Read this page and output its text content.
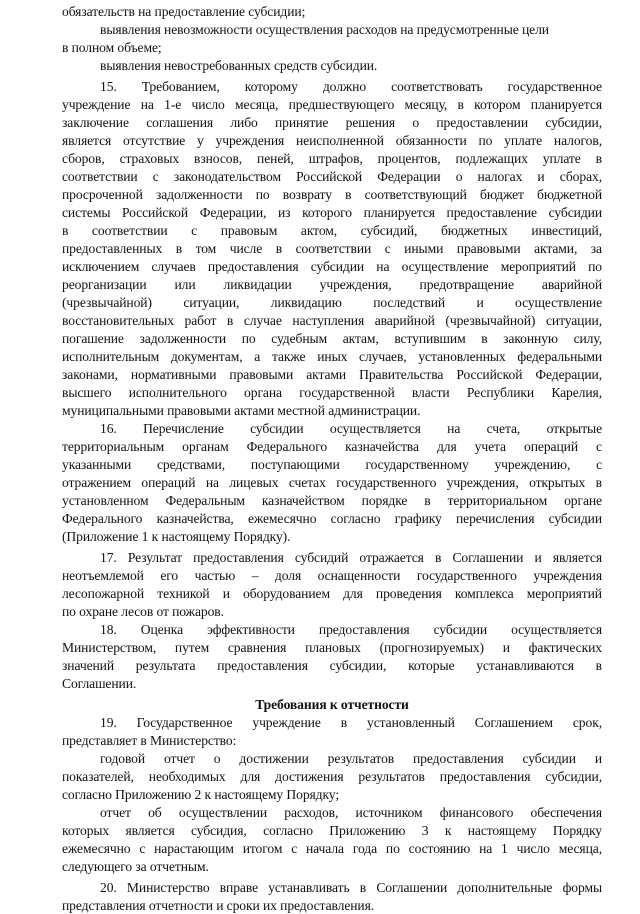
обязательств на предоставление субсидии;
выявления невозможности осуществления расходов на предусмотренные цели
в полном объеме;
выявления невостребованных средств субсидии.
15. Требованием, которому должно соответствовать государственное
учреждение на 1-е число месяца, предшествующего месяцу, в котором планируется
заключение соглашения либо принятие решения о предоставлении субсидии,
является отсутствие у учреждения неисполненной обязанности по уплате налогов,
сборов, страховых взносов, пеней, штрафов, процентов, подлежащих уплате в
соответствии с законодательством Российской Федерации о налогах и сборах,
просроченной задолженности по возврату в соответствующий бюджет бюджетной
системы Российской Федерации, из которого планируется предоставление субсидии
в соответствии с правовым актом, субсидий, бюджетных инвестиций,
предоставленных в том числе в соответствии с иными правовыми актами, за
исключением случаев предоставления субсидии на осуществление мероприятий по
реорганизации или ликвидации учреждения, предотвращение аварийной
(чрезвычайной) ситуации, ликвидацию последствий и осуществление
восстановительных работ в случае наступления аварийной (чрезвычайной) ситуации,
погашение задолженности по судебным актам, вступившим в законную силу,
исполнительным документам, а также иных случаев, установленных федеральными
законами, нормативными правовыми актами Правительства Российской Федерации,
высшего исполнительного органа государственной власти Республики Карелия,
муниципальными правовыми актами местной администрации.
16. Перечисление субсидии осуществляется на счета, открытые
территориальным органам Федерального казначейства для учета операций с
указанными средствами, поступающими государственному учреждению, с
отражением операций на лицевых счетах государственного учреждения, открытых в
установленном Федеральным казначейством порядке в территориальном органе
Федерального казначейства, ежемесячно согласно графику перечисления субсидии
(Приложение 1 к настоящему Порядку).
17. Результат предоставления субсидий отражается в Соглашении и является
неотъемлемой его частью – доля оснащенности государственного учреждения
лесопожарной техникой и оборудованием для проведения комплекса мероприятий
по охране лесов от пожаров.
18. Оценка эффективности предоставления субсидии осуществляется
Министерством, путем сравнения плановых (прогнозируемых) и фактических
значений результата предоставления субсидии, которые устанавливаются в
Соглашении.
Требования к отчетности
19. Государственное учреждение в установленный Соглашением срок,
представляет в Министерство:
годовой отчет о достижении результатов предоставления субсидии и
показателей, необходимых для достижения результатов предоставления субсидии,
согласно Приложению 2 к настоящему Порядку;
отчет об осуществлении расходов, источником финансового обеспечения
которых является субсидия, согласно Приложению 3 к настоящему Порядку
ежемесячно с нарастающим итогом с начала года по состоянию на 1 число месяца,
следующего за отчетным.
20. Министерство вправе устанавливать в Соглашении дополнительные формы
представления отчетности и сроки их предоставления.
